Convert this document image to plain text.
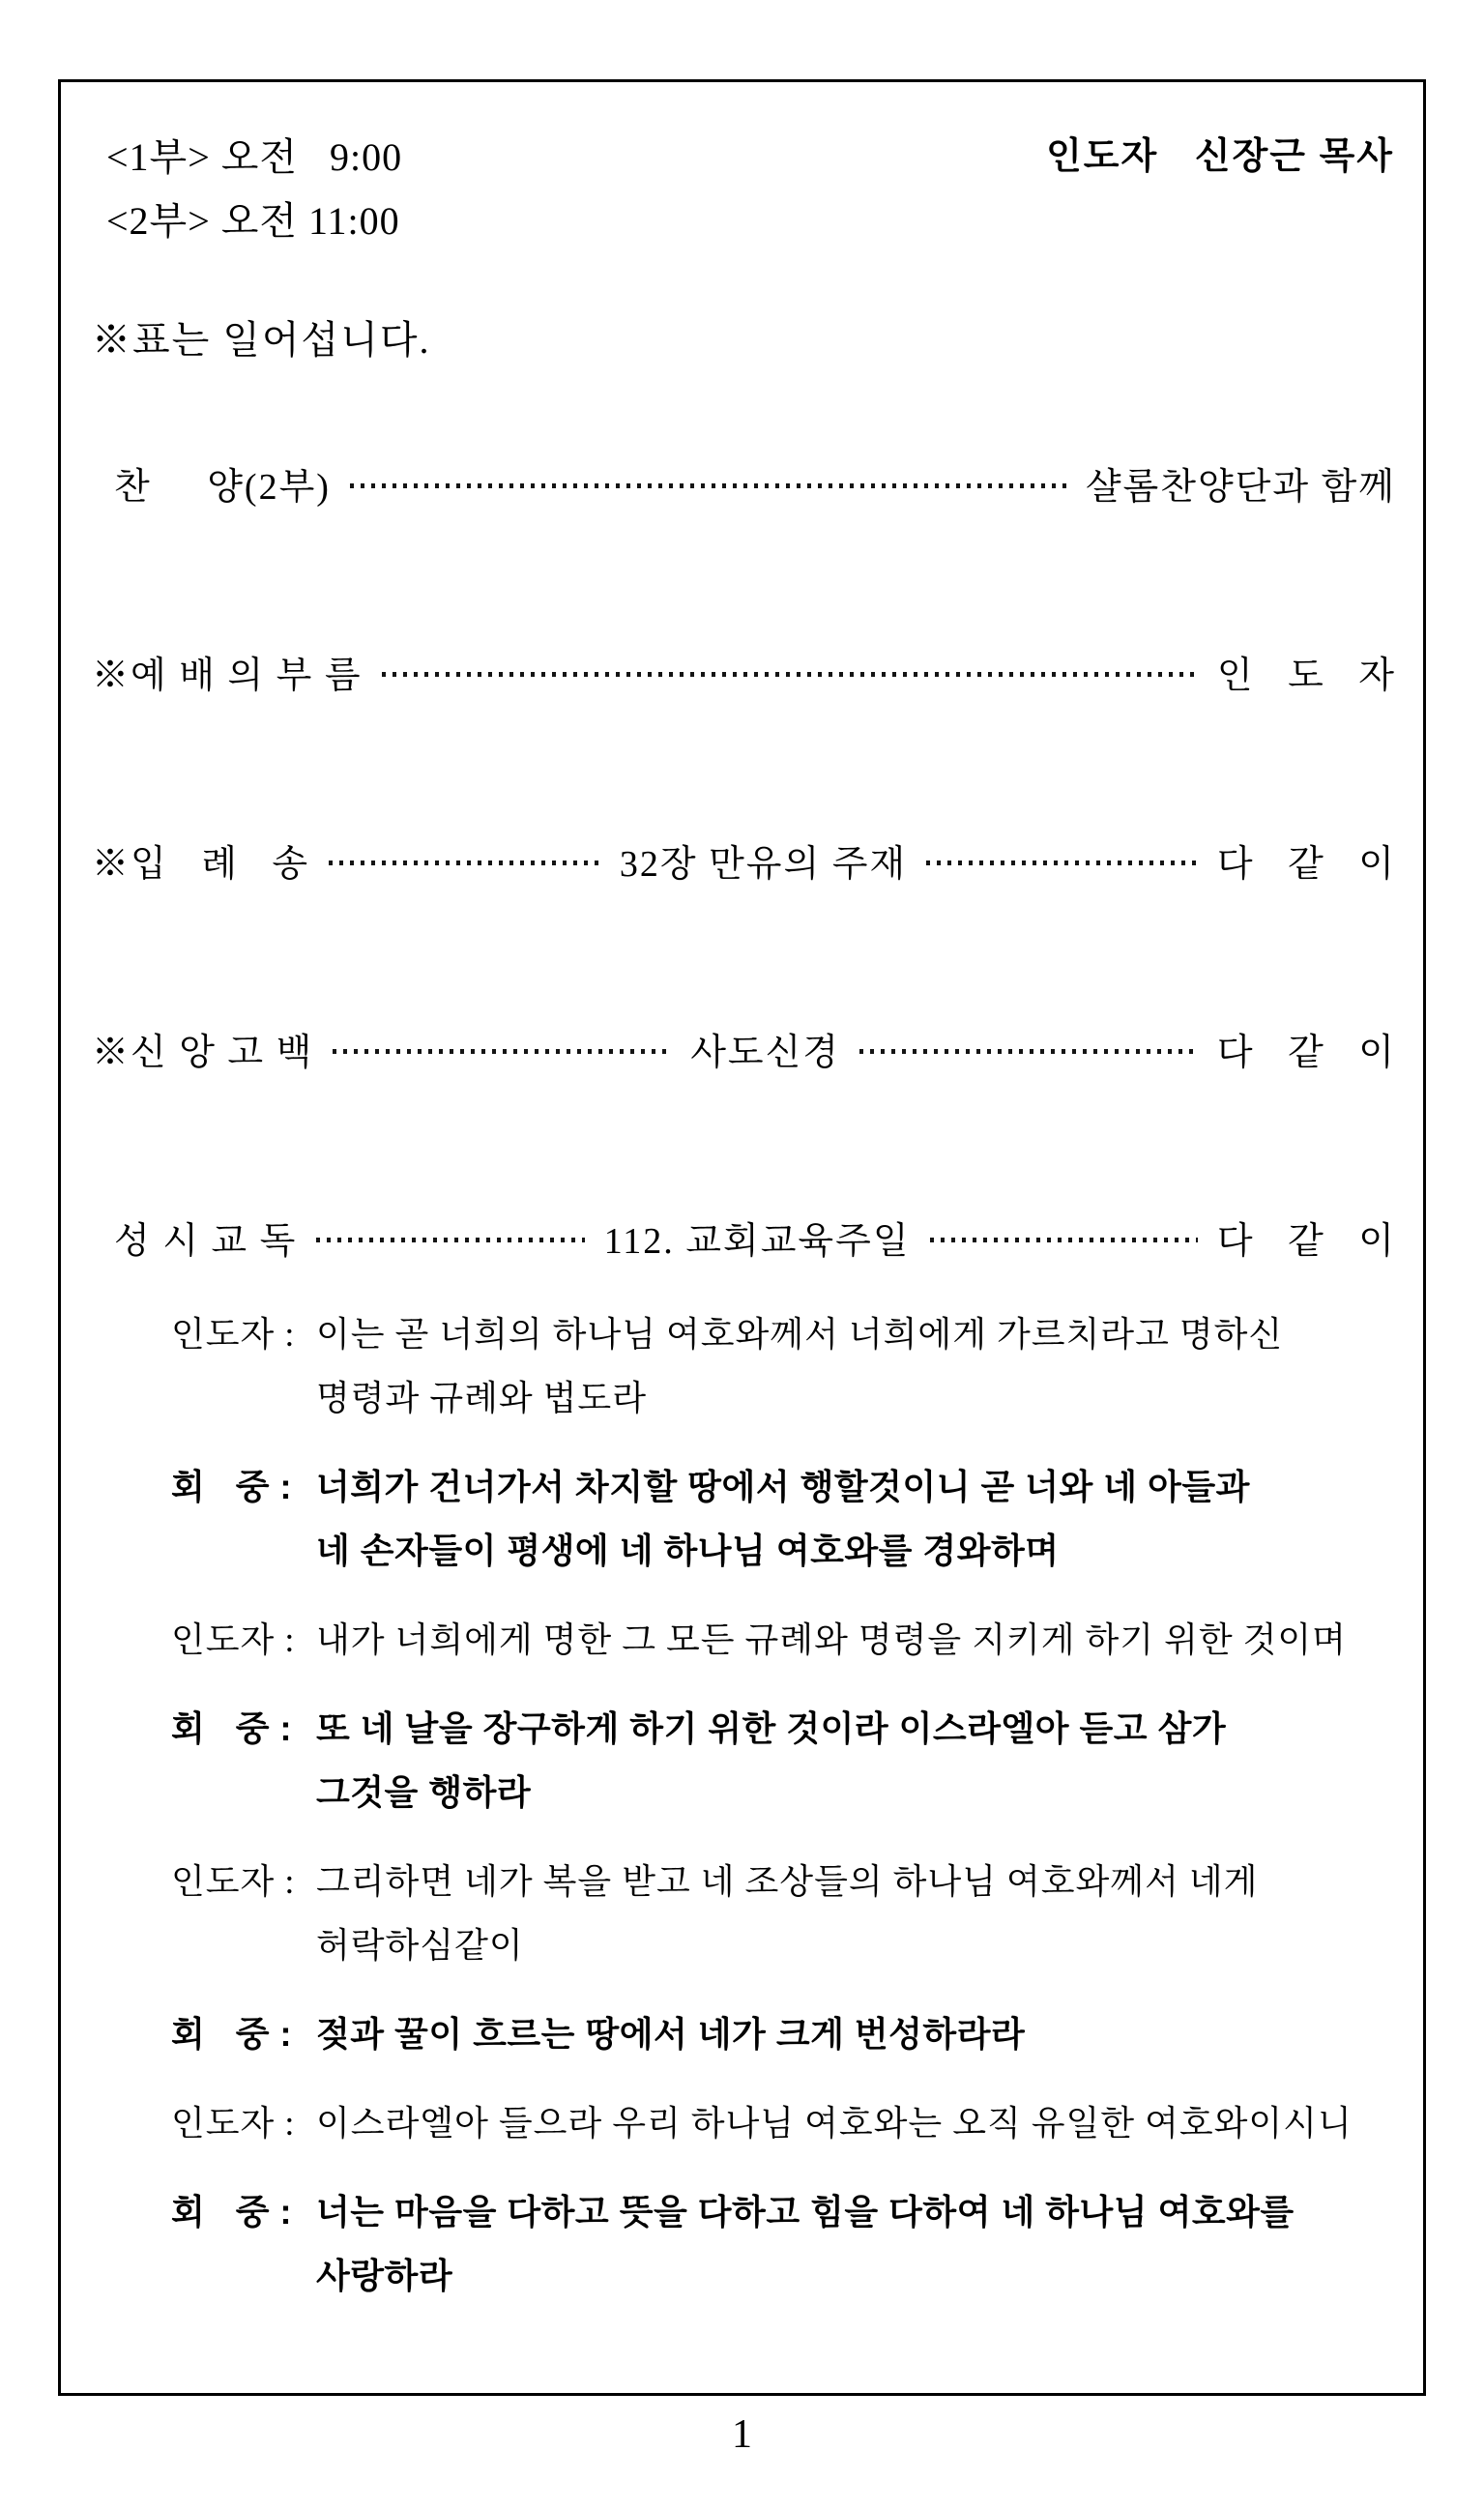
<1부> 오전   9:00
<2부> 오전 11:00
인도자   신장근 목사
※표는 일어섭니다.
찬     양(2부)	샬롬찬양단과 함께
※예 배 의 부 름	인   도   자
※입   례   송	32장 만유의 주재	다   같   이
※신 앙 고 백	사도신경	다   같   이
성 시 교 독	112. 교회교육주일	다   같   이
인도자 : 이는 곧 너희의 하나님 여호와께서 너희에게 가르치라고 명하신
명령과 규례와 법도라
회   중 : 너희가 건너가서 차지할 땅에서 행할것이니 곧 너와 네 아들과
네 손자들이 평생에 네 하나님 여호와를 경와하며
인도자 : 내가 너희에게 명한 그 모든 규례와 명령을 지키게 하기 위한 것이며
회   중 : 또 네 날을 장구하게 하기 위한 것이라 이스라엘아 듣고 삼가
그것을 행하라
인도자 : 그리하면 네가 복을 받고 네 조상들의 하나님 여호와께서 네게
허락하심같이
회   중 : 젖과 꿀이 흐르는 땅에서 네가 크게 번성하라라
인도자 : 이스라엘아 들으라 우리 하나님 여호와는 오직 유일한 여호와이시니
회   중 : 너는 마음을 다하고 뜻을 다하고 힘을 다하여 네 하나님 여호와를
사랑하라
1
